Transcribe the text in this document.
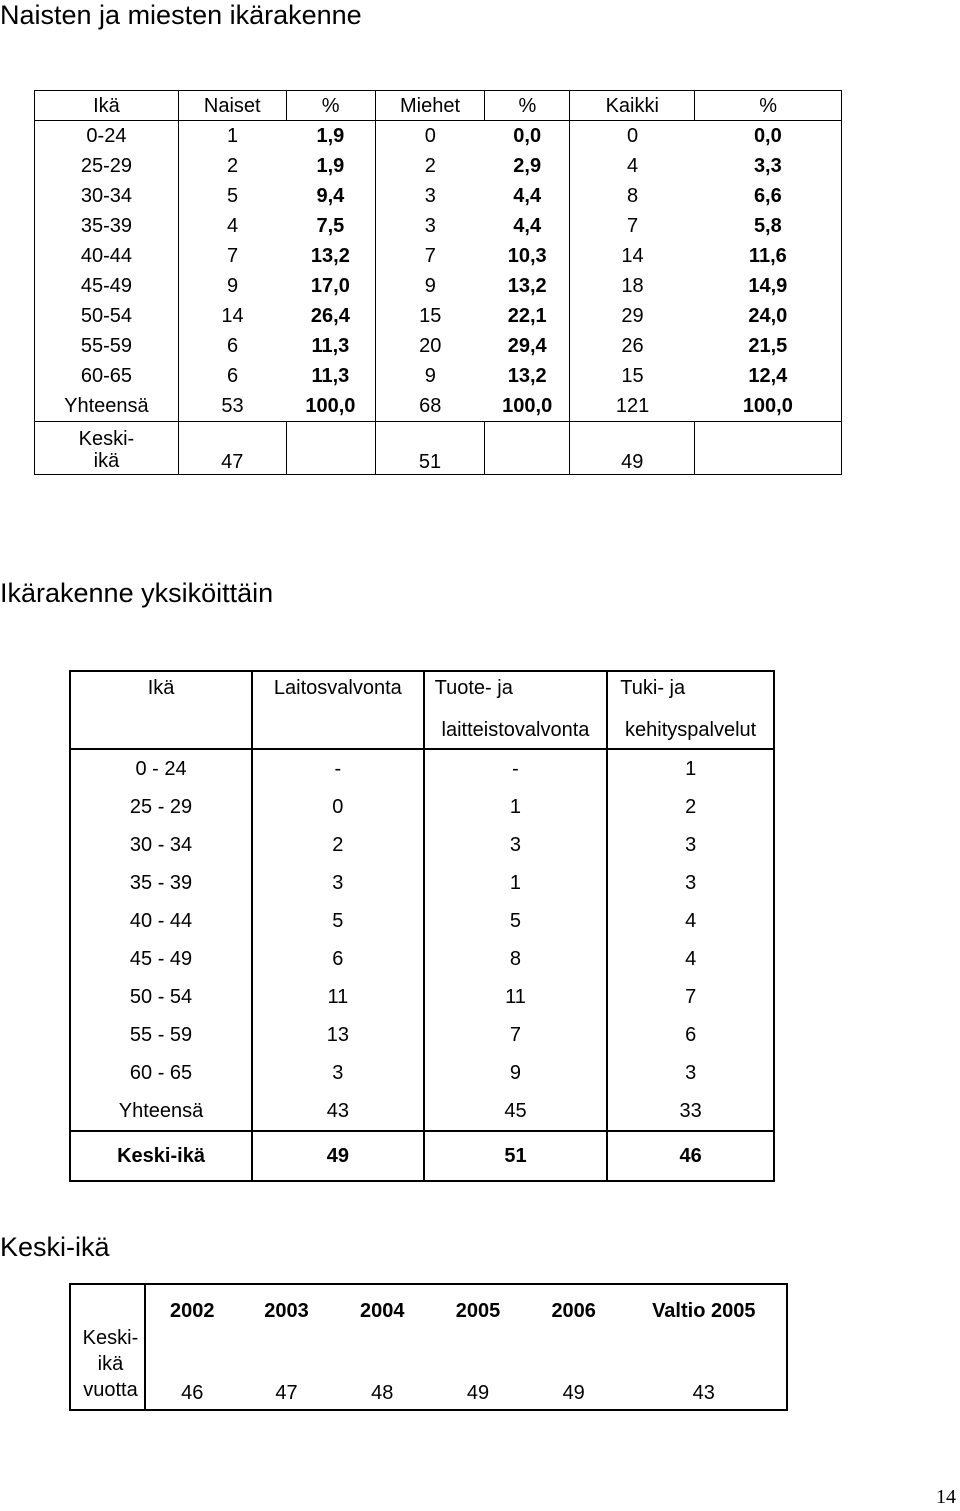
Naisten ja miesten ikärakenne
Ikä	Naiset	%	Miehet	%	Kaikki	%
0-24	1	1,9	0	0,0	0	0,0
25-29	2	1,9	2	2,9	4	3,3
30-34	5	9,4	3	4,4	8	6,6
35-39	4	7,5	3	4,4	7	5,8
40-44	7	13,2	7	10,3	14	11,6
45-49	9	17,0	9	13,2	18	14,9
50-54	14	26,4	15	22,1	29	24,0
55-59	6	11,3	20	29,4	26	21,5
60-65	6	11,3	9	13,2	15	12,4
Yhteensä	53	100,0	68	100,0	121	100,0

Keski-
ikä	47		51		49	
Ikärakenne yksiköittäin
Ikä	Laitosvalvonta	Tuote- ja	Tuki- ja
		laitteistovalvonta	kehityspalvelut
0 - 24	-	-	1
25 - 29	0	1	2
30 - 34	2	3	3
35 - 39	3	1	3
40 - 44	5	5	4
45 - 49	6	8	4
50 - 54	11	11	7
55 - 59	13	7	6
60 - 65	3	9	3
Yhteensä	43	45	33
Keski-ikä	49	51	46
Keski-ikä
	2002	2003	2004	2005	2006	Valtio 2005

Keski-
ikä
vuotta	46	47	48	49	49	43
14
